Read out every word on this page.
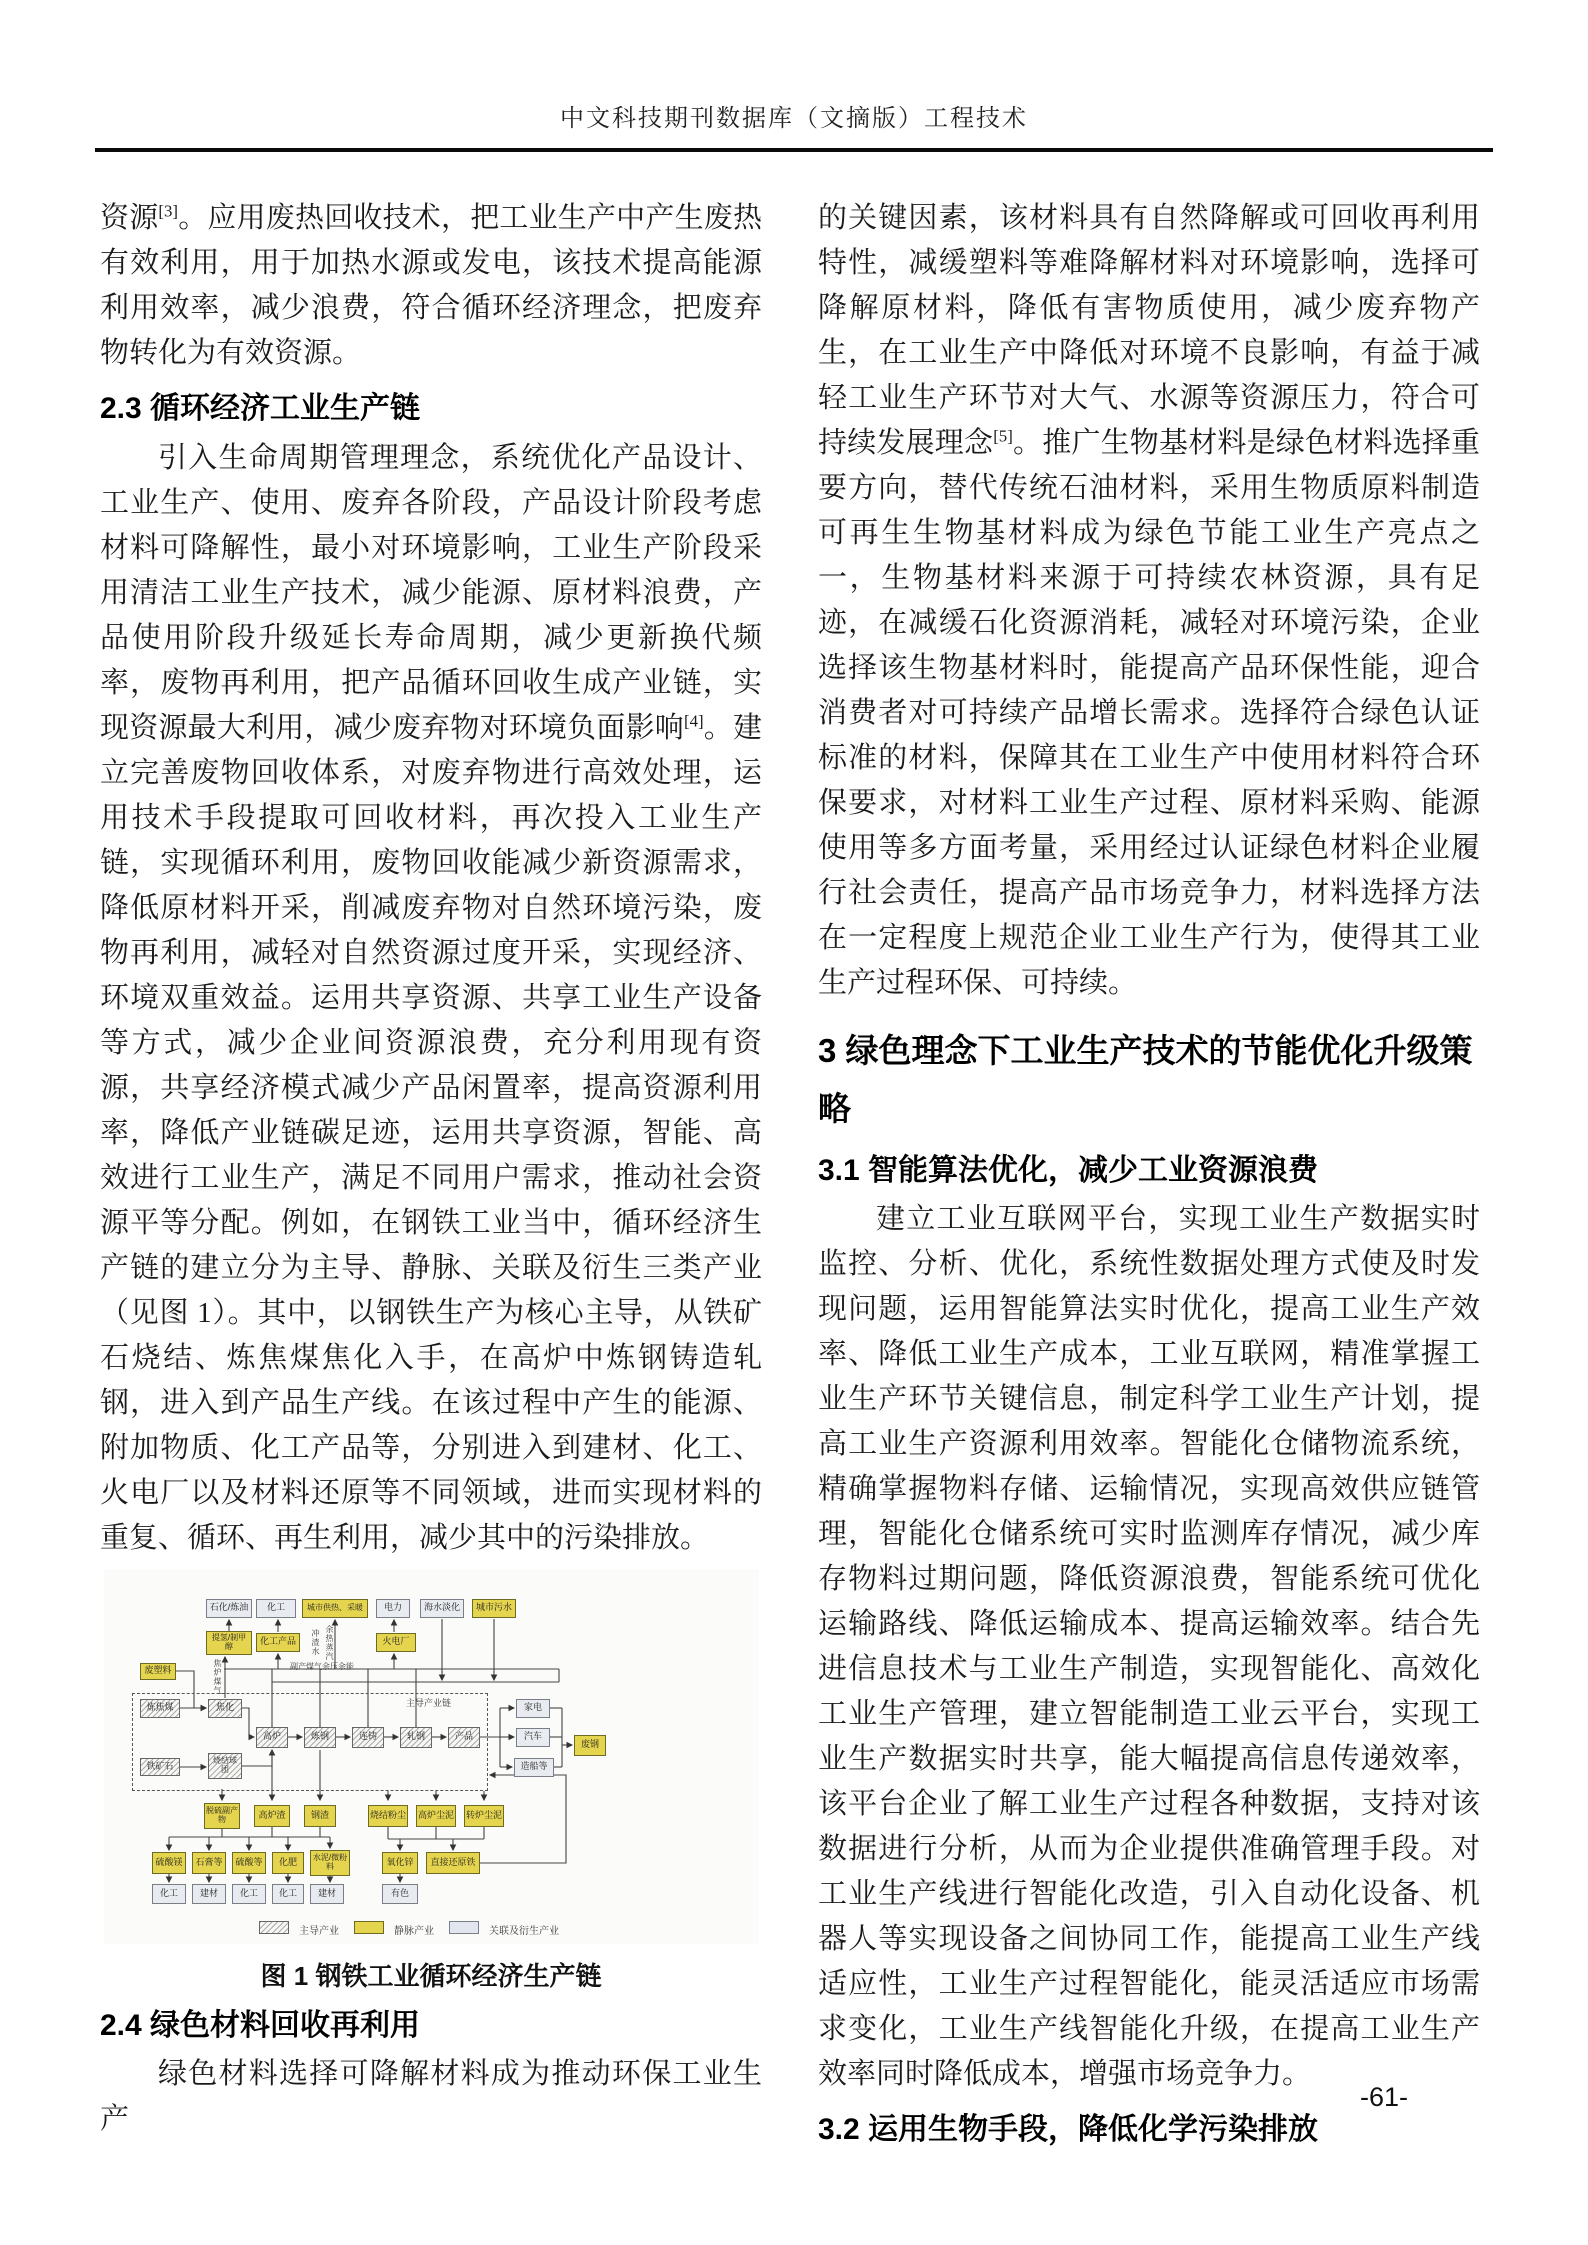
中文科技期刊数据库（文摘版）工程技术

资源[3]。应用废热回收技术，把工业生产中产生废热有效利用，用于加热水源或发电，该技术提高能源利用效率，减少浪费，符合循环经济理念，把废弃物转化为有效资源。

2.3 循环经济工业生产链

引入生命周期管理理念，系统优化产品设计、工业生产、使用、废弃各阶段，产品设计阶段考虑材料可降解性，最小对环境影响，工业生产阶段采用清洁工业生产技术，减少能源、原材料浪费，产品使用阶段升级延长寿命周期，减少更新换代频率，废物再利用，把产品循环回收生成产业链，实现资源最大利用，减少废弃物对环境负面影响[4]。建立完善废物回收体系，对废弃物进行高效处理，运用技术手段提取可回收材料，再次投入工业生产链，实现循环利用，废物回收能减少新资源需求，降低原材料开采，削减废弃物对自然环境污染，废物再利用，减轻对自然资源过度开采，实现经济、环境双重效益。运用共享资源、共享工业生产设备等方式，减少企业间资源浪费，充分利用现有资源，共享经济模式减少产品闲置率，提高资源利用率，降低产业链碳足迹，运用共享资源，智能、高效进行工业生产，满足不同用户需求，推动社会资源平等分配。例如，在钢铁工业当中，循环经济生产链的建立分为主导、静脉、关联及衍生三类产业（见图 1）。其中，以钢铁生产为核心主导，从铁矿石烧结、炼焦煤焦化入手，在高炉中炼钢铸造轧钢，进入到产品生产线。在该过程中产生的能源、附加物质、化工产品等，分别进入到建材、化工、火电厂以及材料还原等不同领域，进而实现材料的重复、循环、再生利用，减少其中的污染排放。

主导产业链
石化/炼油	化工	城市供热、采暖	电力	海水淡化	城市污水
提氢/制甲醇	化工产品	火电厂
废塑料
炼焦煤	焦化
铁矿石
烧结球团
高炉	炼钢	连铸	轧钢	产品
家电
汽车
造船等
废钢
脱硫副产物	高炉渣	钢渣	烧结粉尘 高炉尘泥 转炉尘泥
硫酸镁	石膏等	硫酸等	化肥	水泥/微粉料	氧化锌	直接还原铁
化工	建材	化工	化工	建材	有色
焦炉煤气
冲渣水 余热蒸汽
副产煤气余压余能
主导产业	静脉产业	关联及衍生产业
图 1 钢铁工业循环经济生产链
2.4 绿色材料回收再利用

绿色材料选择可降解材料成为推动环保工业生产

的关键因素，该材料具有自然降解或可回收再利用特性，减缓塑料等难降解材料对环境影响，选择可降解原材料，降低有害物质使用，减少废弃物产生，在工业生产中降低对环境不良影响，有益于减轻工业生产环节对大气、水源等资源压力，符合可持续发展理念[5]。推广生物基材料是绿色材料选择重要方向，替代传统石油材料，采用生物质原料制造可再生生物基材料成为绿色节能工业生产亮点之一，生物基材料来源于可持续农林资源，具有足迹，在减缓石化资源消耗，减轻对环境污染，企业选择该生物基材料时，能提高产品环保性能，迎合消费者对可持续产品增长需求。选择符合绿色认证标准的材料，保障其在工业生产中使用材料符合环保要求，对材料工业生产过程、原材料采购、能源使用等多方面考量，采用经过认证绿色材料企业履行社会责任，提高产品市场竞争力，材料选择方法在一定程度上规范企业工业生产行为，使得其工业生产过程环保、可持续。

3 绿色理念下工业生产技术的节能优化升级策略
3.1 智能算法优化，减少工业资源浪费

建立工业互联网平台，实现工业生产数据实时监控、分析、优化，系统性数据处理方式使及时发现问题，运用智能算法实时优化，提高工业生产效率、降低工业生产成本，工业互联网，精准掌握工业生产环节关键信息，制定科学工业生产计划，提高工业生产资源利用效率。智能化仓储物流系统，精确掌握物料存储、运输情况，实现高效供应链管理，智能化仓储系统可实时监测库存情况，减少库存物料过期问题，降低资源浪费，智能系统可优化运输路线、降低运输成本、提高运输效率。结合先进信息技术与工业生产制造，实现智能化、高效化工业生产管理，建立智能制造工业云平台，实现工业生产数据实时共享，能大幅提高信息传递效率，该平台企业了解工业生产过程各种数据，支持对该数据进行分析，从而为企业提供准确管理手段。对工业生产线进行智能化改造，引入自动化设备、机器人等实现设备之间协同工作，能提高工业生产线适应性，工业生产过程智能化，能灵活适应市场需求变化，工业生产线智能化升级，在提高工业生产效率同时降低成本，增强市场竞争力。

3.2 运用生物手段，降低化学污染排放
-61-
